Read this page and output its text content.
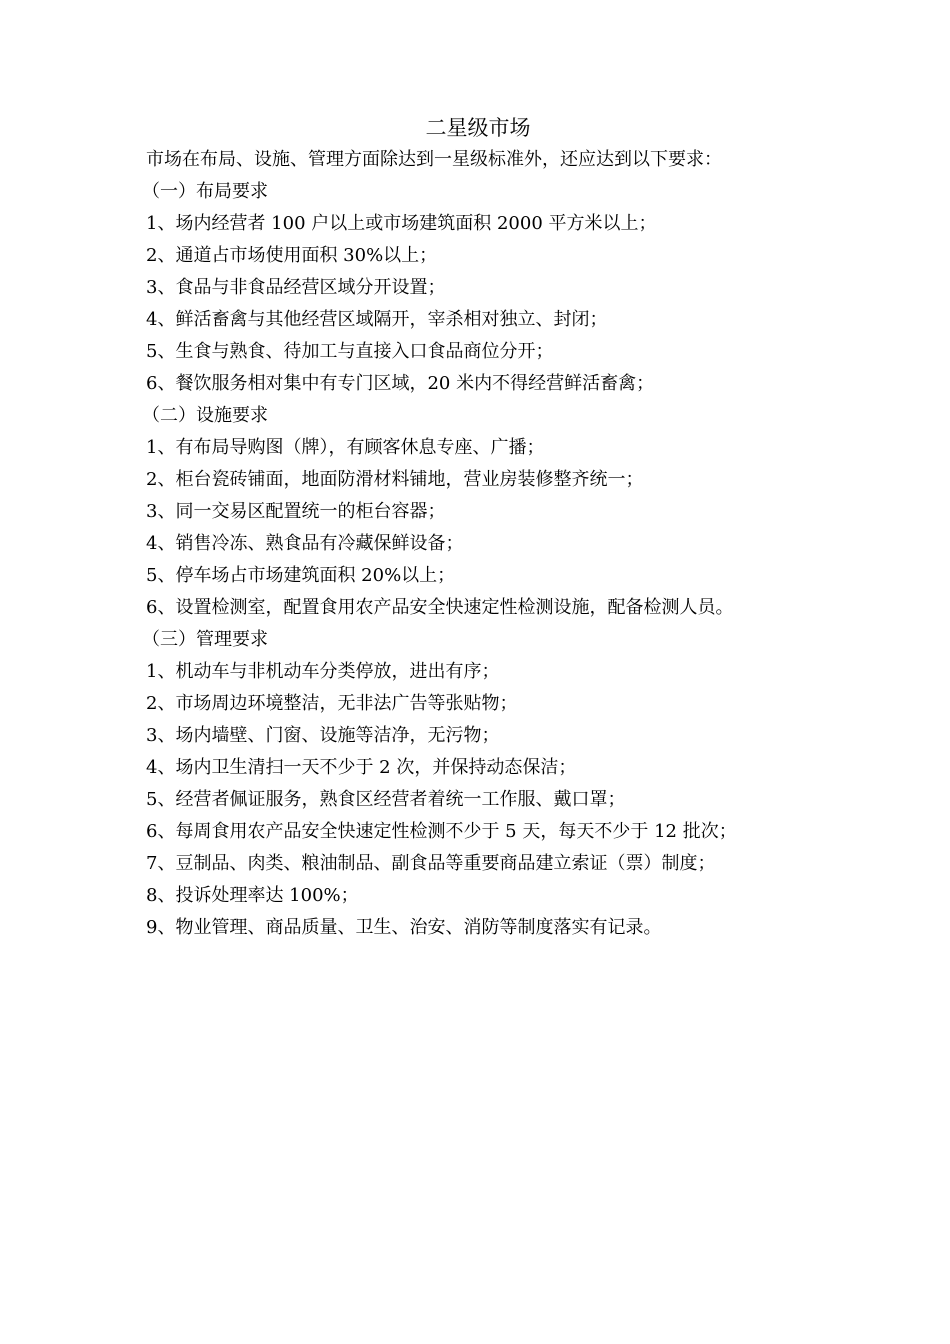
二星级市场
市场在布局、设施、管理方面除达到一星级标准外，还应达到以下要求：
（一）布局要求
1、场内经营者 100 户以上或市场建筑面积 2000 平方米以上；
2、通道占市场使用面积 30%以上；
3、食品与非食品经营区域分开设置；
4、鲜活畜禽与其他经营区域隔开，宰杀相对独立、封闭；
5、生食与熟食、待加工与直接入口食品商位分开；
6、餐饮服务相对集中有专门区域，20 米内不得经营鲜活畜禽；
（二）设施要求
1、有布局导购图（牌），有顾客休息专座、广播；
2、柜台瓷砖铺面，地面防滑材料铺地，营业房装修整齐统一；
3、同一交易区配置统一的柜台容器；
4、销售冷冻、熟食品有冷藏保鲜设备；
5、停车场占市场建筑面积 20%以上；
6、设置检测室，配置食用农产品安全快速定性检测设施，配备检测人员。
（三）管理要求
1、机动车与非机动车分类停放，进出有序；
2、市场周边环境整洁，无非法广告等张贴物；
3、场内墙壁、门窗、设施等洁净，无污物；
4、场内卫生清扫一天不少于 2 次，并保持动态保洁；
5、经营者佩证服务，熟食区经营者着统一工作服、戴口罩；
6、每周食用农产品安全快速定性检测不少于 5 天，每天不少于 12 批次；
7、豆制品、肉类、粮油制品、副食品等重要商品建立索证（票）制度；
8、投诉处理率达 100%；
9、物业管理、商品质量、卫生、治安、消防等制度落实有记录。
